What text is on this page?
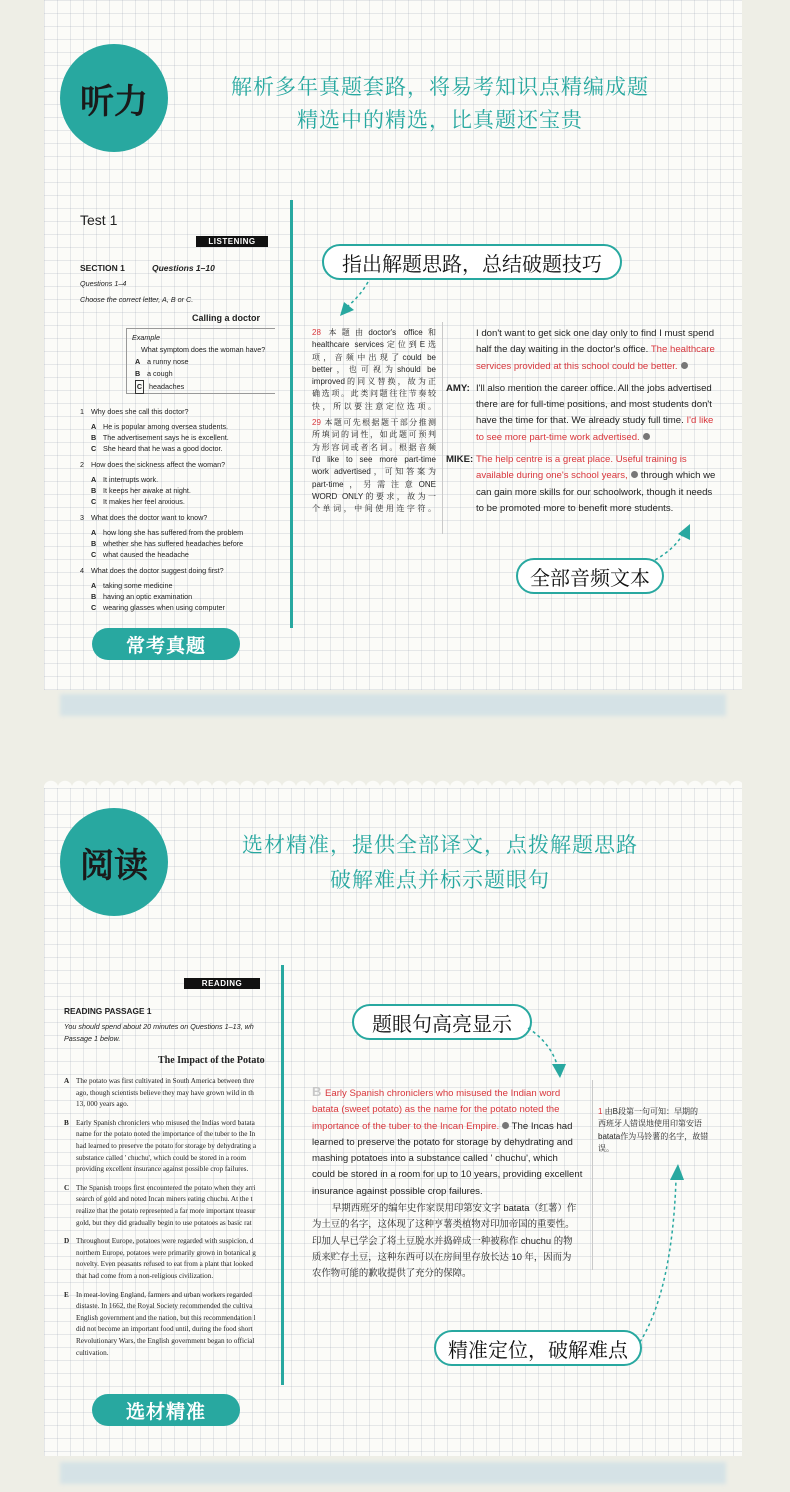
听力	解析多年真题套路，将易考知识点精编成题
精选中的精选，比真题还宝贵
Test 1
LISTENING
SECTION 1	Questions 1–10
Questions 1–4
Choose the correct letter, A, B or C.
Calling a doctor
Example
What symptom does the woman have?
A a runny nose
B a cough
C headaches
1 Why does she call this doctor?
A He is popular among oversea students.
B The advertisement says he is excellent.
C She heard that he was a good doctor.
2 How does the sickness affect the woman?
A It interrupts work.
B It keeps her awake at night.
C It makes her feel anxious.
3 What does the doctor want to know?
A how long she has suffered from the problem
B whether she has suffered headaches before
C what caused the headache
4 What does the doctor suggest doing first?
A taking some medicine
B having an optic examination
C wearing glasses when using computer
28 本题由doctor's office和
healthcare services定位到E选
项，音频中出现了could be
better，也可视为should be
improved的同义替换，故为正
确选项。此类问题往往节奏较
快，所以要注意定位选项。
29 本题可先根据题干部分推测
所填词的词性，如此题可预判
为形容词或者名词。根据音频
I'd like to see more part-time
work advertised，可知答案为
part-time，另需注意ONE
WORD ONLY的要求，故为一
个单词，中间使用连字符。
I don't want to get sick one day only to find I must spend
half the day waiting in the doctor's office. The healthcare
services provided at this school could be better.
AMY: I'll also mention the career office. All the jobs advertised
there are for full-time positions, and most students don't
have the time for that. We already study full time. I'd like
to see more part-time work advertised.
MIKE: The help centre is a great place. Useful training is
available during one's school years, through which we
can gain more skills for our schoolwork, though it needs
to be promoted more to benefit more students.
指出解题思路，总结破题技巧
全部音频文本
常考真题
阅读
选材精准，提供全部译文，点拨解题思路
破解难点并标示题眼句
READING
READING PASSAGE 1
You should spend about 20 minutes on Questions 1–13, wh
Passage 1 below.
The Impact of the Potato
A The potato was first cultivated in South America between thre
ago, though scientists believe they may have grown wild in th
13, 000 years ago.
B Early Spanish chroniclers who misused the Indias word batata
name for the potato noted the importance of the tuber to the In
had learned to preserve the potato for storage by dehydrating a
substance called ' chuchu', which could be stored in a room
providing excellent insurance against possible crop failures.
C The Spanish troops first encountered the potato when they arri
search of gold and noted Incan miners eating chuchu. At the t
realize that the potato represented a far more important treasur
gold, but they did gradually begin to use potatoes as basic rat
D Throughout Europe, potatoes were regarded with suspicion, d
northern Europe, potatoes were primarily grown in botanical g
novelty. Even peasants refused to eat from a plant that looked
that had come from a non-religious civilization.
E In meat-loving England, farmers and urban workers regarded
distaste. In 1662, the Royal Society recommended the cultiva
English government and the nation, but this recommendation l
did not become an important food until, during the food short
Revolutionary Wars, the English government began to official
cultivation.
B Early Spanish chroniclers who misused the Indian word
batata (sweet potato) as the name for the potato noted the
importance of the tuber to the Incan Empire. The Incas had
learned to preserve the potato for storage by dehydrating and
mashing potatoes into a substance called ' chuchu', which
could be stored in a room for up to 10 years, providing excellent
insurance against possible crop failures.
早期西班牙的编年史作家误用印第安文字 batata（红薯）作
为土豆的名字，这体现了这种亨薯类植物对印加帝国的重要性。
印加人早已学会了将土豆脱水并捣碎成一种被称作 chuchu 的物
质来贮存土豆，这种东西可以在房间里存放长达 10 年，因而为
农作物可能的歉收提供了充分的保障。
1 由B段第一句可知：早期的
西班牙人错误地使用印第安语
batata作为马铃薯的名字，故错
误。
题眼句高亮显示
精准定位，破解难点
选材精准
